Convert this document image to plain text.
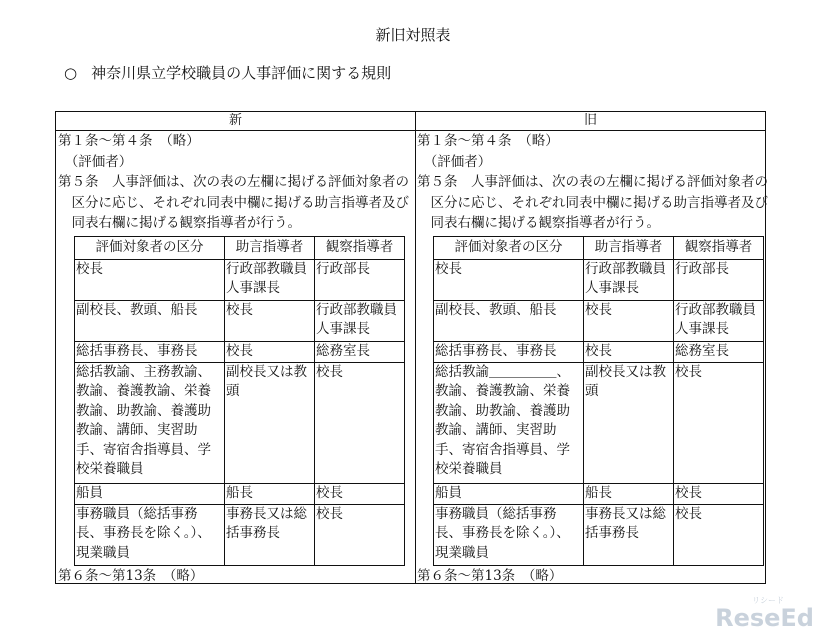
新旧対照表
○ 神奈川県立学校職員の人事評価に関する規則
新	旧

第１条〜第４条　（略）

（評価者）

第５条　人事評価は、次の表の左欄に掲げる評価対象者の区分に応じ、それぞれ同表中欄に掲げる助言指導者及び同表右欄に掲げる観察指導者が行う。

評価対象者の区分	助言指導者	観察指導者
校長	行政部教職員人事課長	行政部長
副校長、教頭、船長	校長	行政部教職員人事課長
総括事務長、事務長	校長	総務室長
総括教諭、主務教諭、教諭、養護教諭、栄養教諭、助教諭、養護助教諭、講師、実習助手、寄宿舎指導員、学校栄養職員	副校長又は教頭	校長
船員	船長	校長
事務職員（総括事務長、事務長を除く。）、現業職員	事務長又は総括事務長	校長

第６条〜第13条　（略）

第１条〜第４条　（略）

（評価者）

第５条　人事評価は、次の表の左欄に掲げる評価対象者の区分に応じ、それぞれ同表中欄に掲げる助言指導者及び同表右欄に掲げる観察指導者が行う。

評価対象者の区分	助言指導者	観察指導者
校長	行政部教職員人事課長	行政部長
副校長、教頭、船長	校長	行政部教職員人事課長
総括事務長、事務長	校長	総務室長
総括教諭＿＿＿＿＿、教諭、養護教諭、栄養教諭、助教諭、養護助教諭、講師、実習助手、寄宿舎指導員、学校栄養職員	副校長又は教頭	校長
船員	船長	校長
事務職員（総括事務長、事務長を除く。）、現業職員	事務長又は総括事務長	校長

第６条〜第13条　（略）

リシード
ReseEd
